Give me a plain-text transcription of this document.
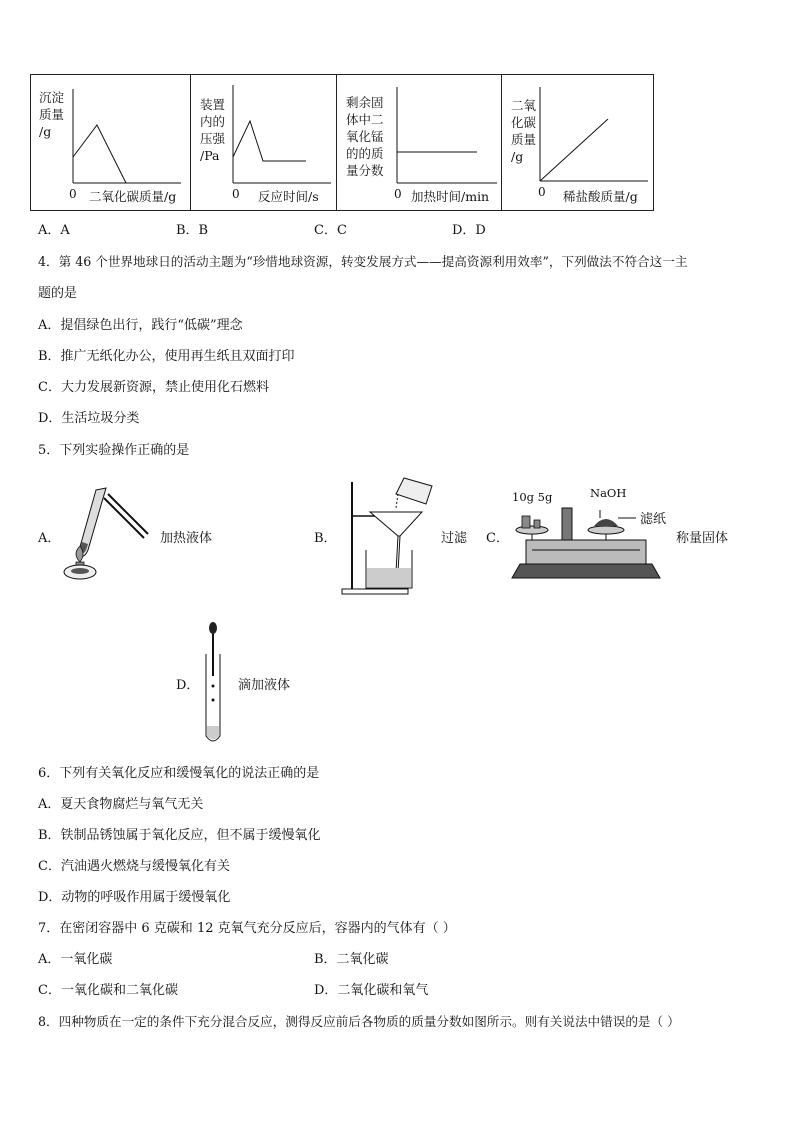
沉淀
质量
/g
0 二氧化碳质量/g
装置
内的
压强
/Pa
0 反应时间/s
剩余固
体中二
氧化锰
的的质
量分数
0 加热时间/min
二氧
化碳
质量
/g
0 稀盐酸质量/g
A．A	B．B	C．C	D．D
4．第 46 个世界地球日的活动主题为“珍惜地球资源，转变发展方式——提高资源利用效率”，下列做法不符合这一主
题的是
A．提倡绿色出行，践行“低碳”理念
B．推广无纸化办公，使用再生纸且双面打印
C．大力发展新资源，禁止使用化石燃料
D．生活垃圾分类
5．下列实验操作正确的是
A．	加热液体	B．	过滤 C．
10g 5g	NaOH
滤纸
称量固体
D．	滴加液体
6．下列有关氧化反应和缓慢氧化的说法正确的是
A．夏天食物腐烂与氧气无关
B．铁制品锈蚀属于氧化反应，但不属于缓慢氧化
C．汽油遇火燃烧与缓慢氧化有关
D．动物的呼吸作用属于缓慢氧化
7．在密闭容器中 6 克碳和 12 克氧气充分反应后，容器内的气体有（ ）
A．一氧化碳	B．二氧化碳
C．一氧化碳和二氧化碳	D．二氧化碳和氧气
8．四种物质在一定的条件下充分混合反应，测得反应前后各物质的质量分数如图所示。则有关说法中错误的是（ ）
